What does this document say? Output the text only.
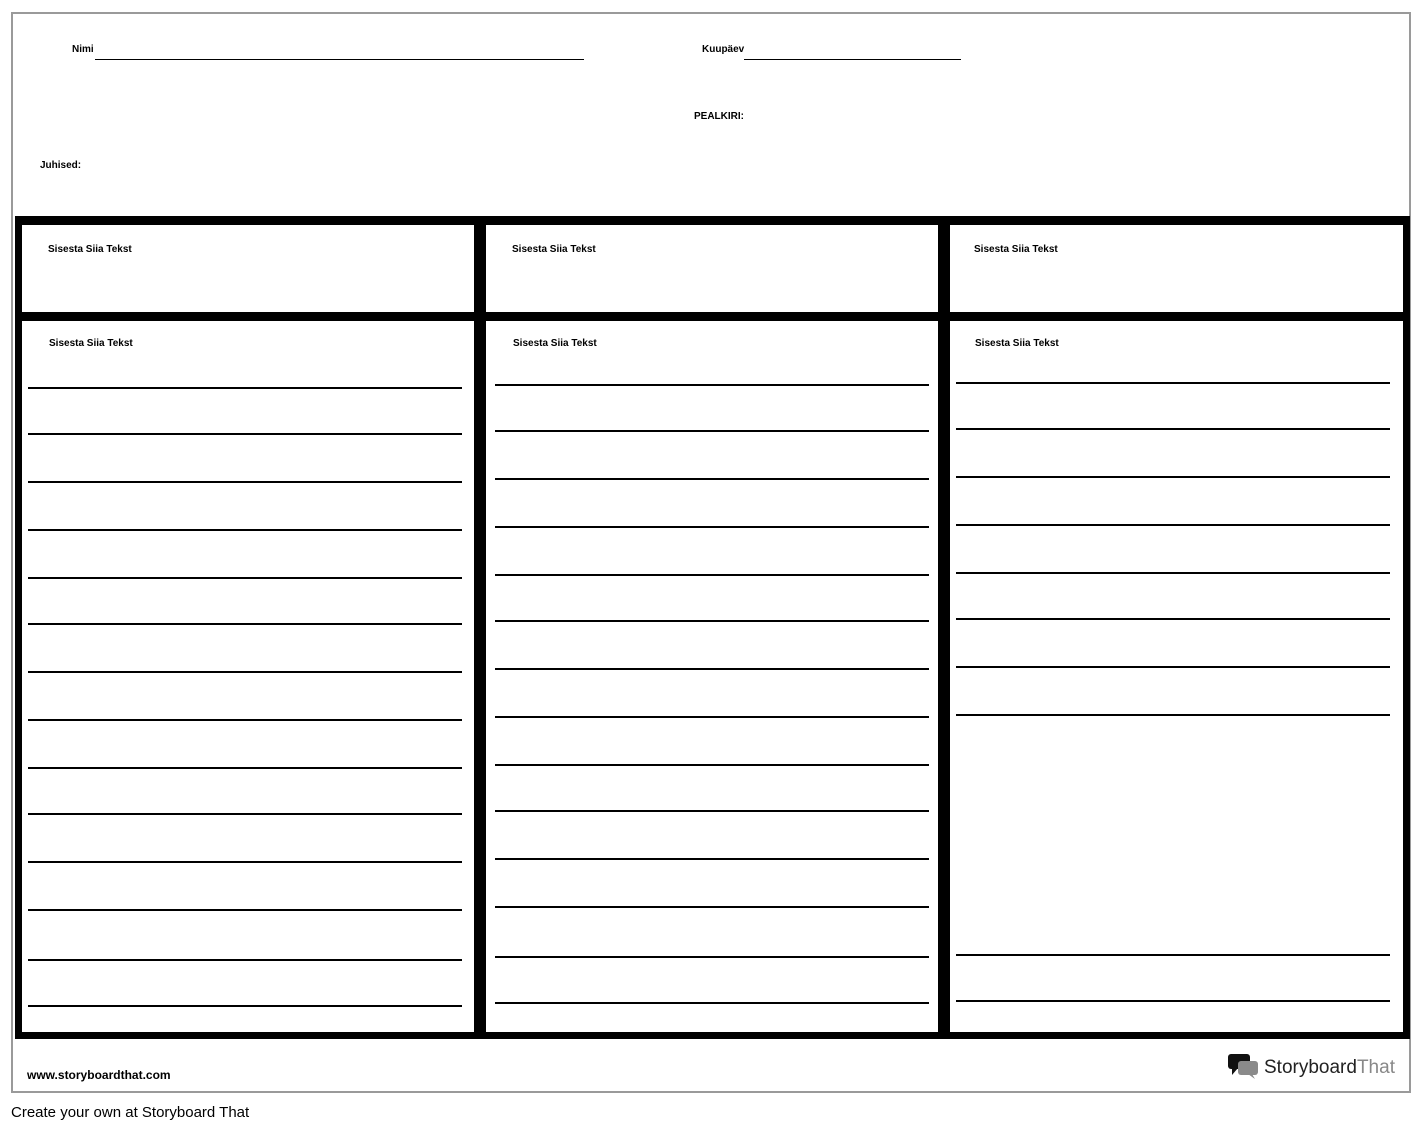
Nimi	Kuupäev
PEALKIRI:
Juhised:
Sisesta Siia Tekst	Sisesta Siia Tekst	Sisesta Siia Tekst
Sisesta Siia Tekst	Sisesta Siia Tekst	Sisesta Siia Tekst
www.storyboardthat.com	StoryboardThat
Create your own at Storyboard That
